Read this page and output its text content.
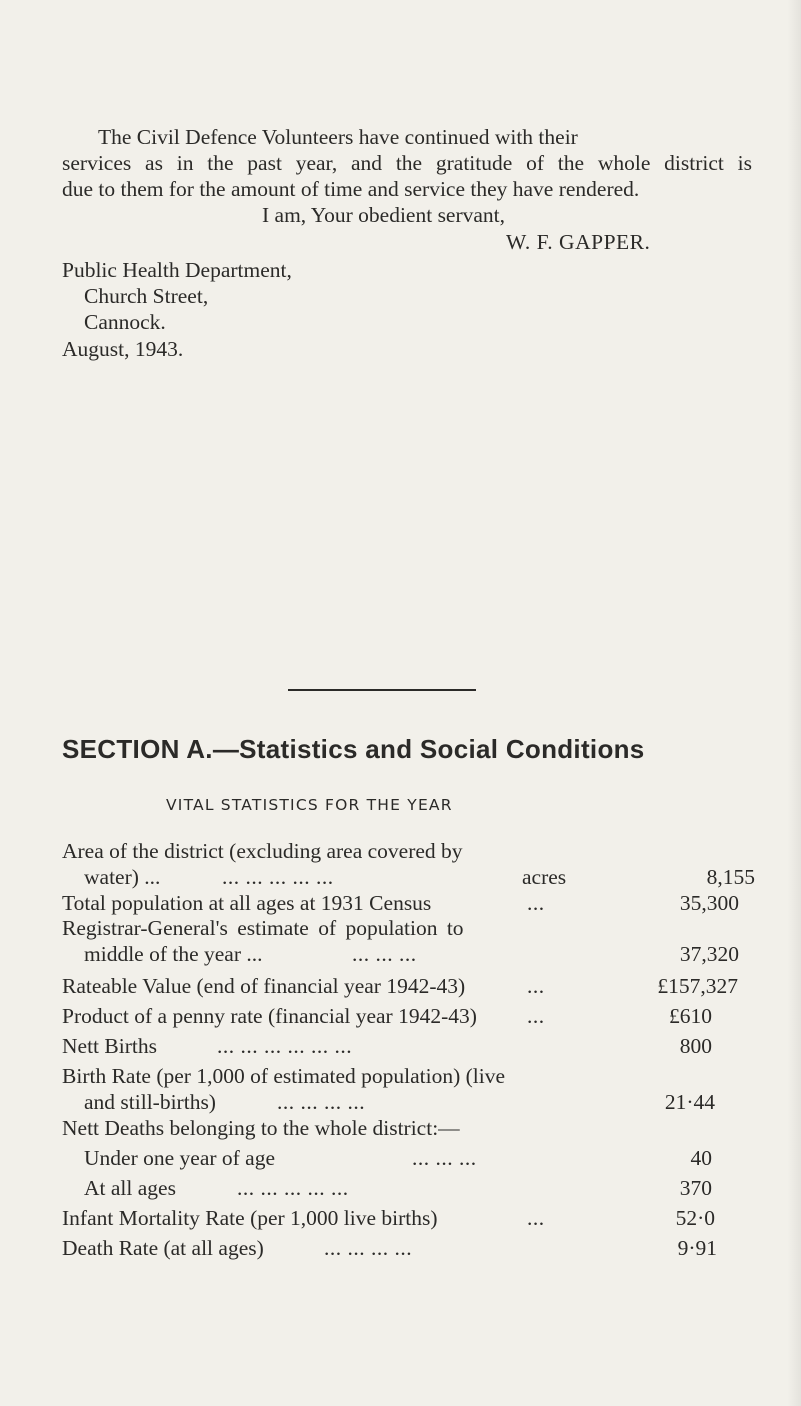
The Civil Defence Volunteers have continued with their
services as in the past year, and the gratitude of the whole district is
due to them for the amount of time and service they have rendered.
I am, Your obedient servant,
W. F. GAPPER.
Public Health Department,
Church Street,
Cannock.
August, 1943.
SECTION A.—Statistics and Social Conditions
VITAL STATISTICS FOR THE YEAR
Area of the district (excluding area covered by
water) ...	... ... ... ... ...	acres	8,155
Total population at all ages at 1931 Census	...	35,300
Registrar-General's estimate of population to
middle of the year ...	... ... ...	37,320
Rateable Value (end of financial year 1942-43)	...	£157,327
Product of a penny rate (financial year 1942-43) ...	£610
Nett Births	... ... ... ... ... ...	800
Birth Rate (per 1,000 of estimated population) (live
and still-births)	... ... ... ...	21·44
Nett Deaths belonging to the whole district:—
Under one year of age	... ... ...	40
At all ages	... ... ... ... ...	370
Infant Mortality Rate (per 1,000 live births)	...	52·0
Death Rate (at all ages)	... ... ... ...	9·91
